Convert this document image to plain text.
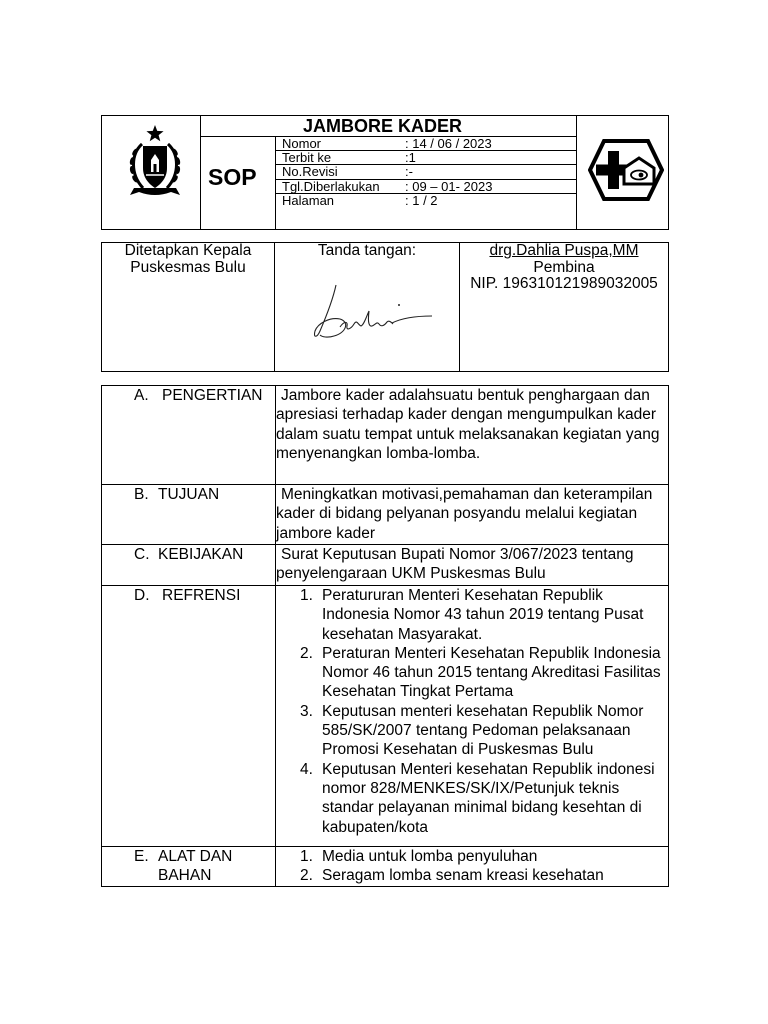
JAMBORE KADER
SOP
Nomor	: 14 / 06 / 2023
Terbit ke	:1
No.Revisi	:-
Tgl.Diberlakukan : 09 – 01- 2023
Halaman	: 1 / 2
Ditetapkan Kepala Puskesmas Bulu
Tanda tangan:	drg.Dahlia Puspa,MM
Pembina
NIP. 196310121989032005
A. PENGERTIAN	Jambore kader adalahsuatu bentuk penghargaan dan
apresiasi terhadap kader dengan mengumpulkan kader
dalam suatu tempat untuk melaksanakan kegiatan yang
menyenangkan lomba-lomba.
B. TUJUAN	Meningkatkan motivasi,pemahaman dan keterampilan
kader di bidang pelyanan posyandu melalui kegiatan
jambore kader
C. KEBIJAKAN	Surat Keputusan Bupati Nomor 3/067/2023 tentang
penyelengaraan UKM Puskesmas Bulu
D. REFRENSI	1. Peratururan Menteri Kesehatan Republik
Indonesia Nomor 43 tahun 2019 tentang Pusat
kesehatan Masyarakat.
2. Peraturan Menteri Kesehatan Republik Indonesia
Nomor 46 tahun 2015 tentang Akreditasi Fasilitas
Kesehatan Tingkat Pertama
3. Keputusan menteri kesehatan Republik Nomor
585/SK/2007 tentang Pedoman pelaksanaan
Promosi Kesehatan di Puskesmas Bulu
4. Keputusan Menteri kesehatan Republik indonesi
nomor 828/MENKES/SK/IX/Petunjuk teknis
standar pelayanan minimal bidang kesehtan di
kabupaten/kota
E. ALAT DAN BAHAN
1. Media untuk lomba penyuluhan
2. Seragam lomba senam kreasi kesehatan
